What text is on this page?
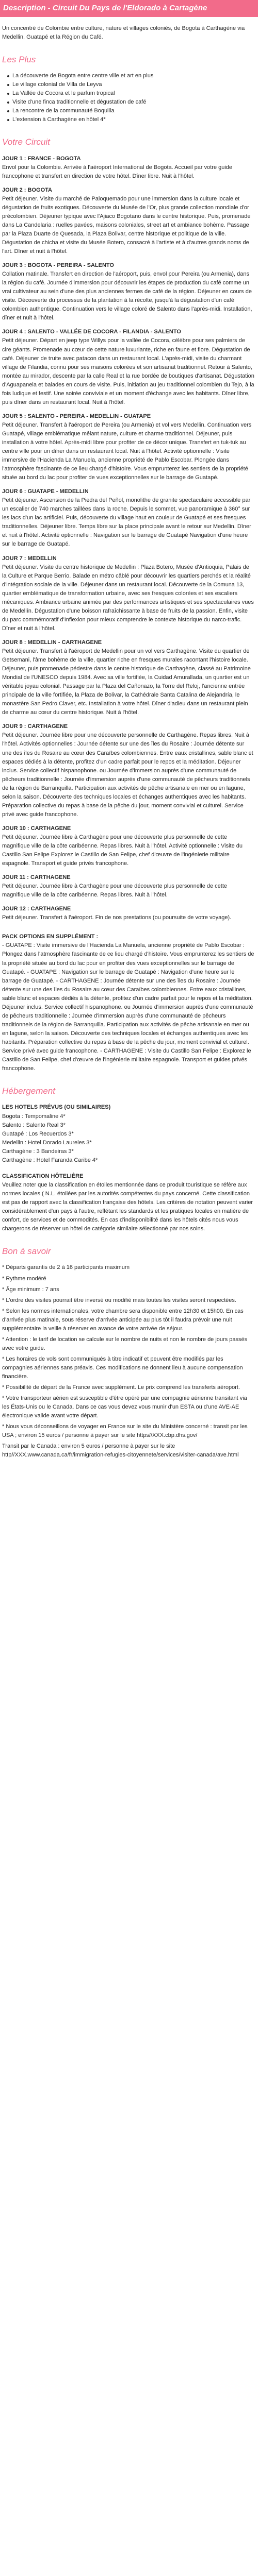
Description - Circuit Du Pays de l'Eldorado à Cartagène

Un concentré de Colombie entre culture, nature et villages coloniés, de Bogota à Carthagène via Medellin, Guatapé et la Région du Café.

Les Plus
La découverte de Bogota entre centre ville et art en plus
Le village colonial de Villa de Leyva
La Vallée de Cocora et le parfum tropical
Visite d'une finca traditionnelle et dégustation de café
La rencontre de la communauté Boquilla
L'extension à Carthagène en hôtel 4*
Votre Circuit

JOUR 1 : FRANCE - BOGOTA

Envol pour la Colombie. Arrivée à l'aéroport International de Bogota. Accueil par votre guide francophone et transfert en direction de votre hôtel. Dîner libre. Nuit à l'hôtel.

JOUR 2 : BOGOTA

Petit déjeuner. Visite du marché de Paloquemado pour une immersion dans la culture locale et dégustation de fruits exotiques. Découverte du Musée de l'Or, plus grande collection mondiale d'or précolombien. Déjeuner typique avec l'Ajiaco Bogotano dans le centre historique. Puis, promenade dans La Candelaria : ruelles pavées, maisons coloniales, street art et ambiance bohème. Passage par la Plaza Duarte de Quesada, la Plaza Bolivar, centre historique et politique de la ville. Dégustation de chicha et visite du Musée Botero, consacré à l'artiste et à d'autres grands noms de l'art. Dîner et nuit à l'hôtel.

JOUR 3 : BOGOTA - PEREIRA - SALENTO

Collation matinale. Transfert en direction de l'aéroport, puis, envol pour Pereira (ou Armenia), dans la région du café. Journée d'immersion pour découvrir les étapes de production du café comme un vrai cultivateur au sein d'une des plus anciennes fermes de café de la région. Déjeuner en cours de visite. Découverte du processus de la plantation à la récolte, jusqu'à la dégustation d'un café colombien authentique. Continuation vers le village coloré de Salento dans l'après-midi. Installation, dîner et nuit à l'hôtel.

JOUR 4 : SALENTO - VALLÉE DE COCORA - FILANDIA - SALENTO

Petit déjeuner. Départ en jeep type Willys pour la vallée de Cocora, célèbre pour ses palmiers de cire géants. Promenade au cœur de cette nature luxuriante, riche en faune et flore. Dégustation de café. Déjeuner de truite avec patacon dans un restaurant local. L'après-midi, visite du charmant village de Filandia, connu pour ses maisons colorées et son artisanat traditionnel. Retour à Salento, montée au mirador, descente par la calle Real et la rue bordée de boutiques d'artisanat. Dégustation d'Aguapanela et balades en cours de visite. Puis, initiation au jeu traditionnel colombien du Tejo, à la fois ludique et festif. Une soirée conviviale et un moment d'échange avec les habitants. Dîner libre, puis dîner dans un restaurant local. Nuit à l'hôtel.

JOUR 5 : SALENTO - PEREIRA - MEDELLIN - GUATAPE

Petit déjeuner. Transfert à l'aéroport de Pereira (ou Armenia) et vol vers Medellin. Continuation vers Guatapé, village emblématique mêlant nature, culture et charme traditionnel. Déjeuner, puis installation à votre hôtel. Après-midi libre pour profiter de ce décor unique. Transfert en tuk-tuk au centre ville pour un dîner dans un restaurant local. Nuit à l'hôtel. Activité optionnelle : Visite immersive de l'Hacienda La Manuela, ancienne propriété de Pablo Escobar. Plongée dans l'atmosphère fascinante de ce lieu chargé d'histoire. Vous emprunterez les sentiers de la propriété située au bord du lac pour profiter de vues exceptionnelles sur le barrage de Guatapé.

JOUR 6 : GUATAPE - MEDELLIN

Petit déjeuner. Ascension de la Piedra del Peñol, monolithe de granite spectaculaire accessible par un escalier de 740 marches taillées dans la roche. Depuis le sommet, vue panoramique à 360° sur les lacs d'un lac artificiel. Puis, découverte du village haut en couleur de Guatapé et ses fresques traditionnelles. Déjeuner libre. Temps libre sur la place principale avant le retour sur Medellin. Dîner et nuit à l'hôtel. Activité optionnelle : Navigation sur le barrage de Guatapé Navigation d'une heure sur le barrage de Guatapé.

JOUR 7 : MEDELLIN

Petit déjeuner. Visite du centre historique de Medellin : Plaza Botero, Musée d'Antioquia, Palais de la Culture et Parque Berrio. Balade en métro câblé pour découvrir les quartiers perchés et la réalité d'intégration sociale de la ville. Déjeuner dans un restaurant local. Découverte de la Comuna 13, quartier emblématique de transformation urbaine, avec ses fresques colorées et ses escaliers mécaniques. Ambiance urbaine animée par des performances artistiques et ses spectaculaires vues de Medellín. Dégustation d'une boisson rafraîchissante à base de fruits de la passion. Enfin, visite du parc commémoratif d'Inflexion pour mieux comprendre le contexte historique du narco-trafic. Dîner et nuit à l'hôtel.

JOUR 8 : MEDELLIN - CARTHAGENE

Petit déjeuner. Transfert à l'aéroport de Medellin pour un vol vers Carthagène. Visite du quartier de Getsemani, l'âme bohème de la ville, quartier riche en fresques murales racontant l'histoire locale. Déjeuner, puis promenade pédestre dans le centre historique de Carthagène, classé au Patrimoine Mondial de l'UNESCO depuis 1984. Avec sa ville fortifiée, la Cuidad Amurallada, un quartier est un véritable joyau colonial. Passage par la Plaza del Cañonazo, la Torre del Reloj, l'ancienne entrée principale de la ville fortifiée, la Plaza de Bolivar, la Cathédrale Santa Catalina de Alejandría, le monastère San Pedro Claver, etc. Installation à votre hôtel. Dîner d'adieu dans un restaurant plein de charme au cœur du centre historique. Nuit à l'hôtel.

JOUR 9 : CARTHAGENE

Petit déjeuner. Journée libre pour une découverte personnelle de Carthagène. Repas libres. Nuit à l'hôtel. Activités optionnelles : Journée détente sur une des îles du Rosaire : Journée détente sur une des îles du Rosaire au cœur des Caraïbes colombiennes. Entre eaux cristallines, sable blanc et espaces dédiés à la détente, profitez d'un cadre parfait pour le repos et la méditation. Déjeuner inclus. Service collectif hispanophone. ou Journée d'immersion auprès d'une communauté de pêcheurs traditionnelle : Journée d'immersion auprès d'une communauté de pêcheurs traditionnels de la région de Barranquilla. Participation aux activités de pêche artisanale en mer ou en lagune, selon la saison. Découverte des techniques locales et échanges authentiques avec les habitants. Préparation collective du repas à base de la pêche du jour, moment convivial et culturel. Service privé avec guide francophone.

JOUR 10 : CARTHAGENE

Petit déjeuner. Journée libre à Carthagène pour une découverte plus personnelle de cette magnifique ville de la côte caribéenne. Repas libres. Nuit à l'hôtel. Activité optionnelle : Visite du Castillo San Felipe Explorez le Castillo de San Felipe, chef d'œuvre de l'ingénierie militaire espagnole. Transport et guide privés francophone.

JOUR 11 : CARTHAGENE

Petit déjeuner. Journée libre à Carthagène pour une découverte plus personnelle de cette magnifique ville de la côte caribéenne. Repas libres. Nuit à l'hôtel.

JOUR 12 : CARTHAGENE

Petit déjeuner. Transfert à l'aéroport. Fin de nos prestations (ou poursuite de votre voyage).

PACK OPTIONS EN SUPPLÉMENT :

- GUATAPE : Visite immersive de l'Hacienda La Manuela, ancienne propriété de Pablo Escobar : Plongez dans l'atmosphère fascinante de ce lieu chargé d'histoire. Vous emprunterez les sentiers de la propriété située au bord du lac pour en profiter des vues exceptionnelles sur le barrage de Guatapé. - GUATAPE : Navigation sur le barrage de Guatapé : Navigation d'une heure sur le barrage de Guatapé. - CARTHAGENE : Journée détente sur une des îles du Rosaire : Journée détente sur une des îles du Rosaire au cœur des Caraïbes colombiennes. Entre eaux cristallines, sable blanc et espaces dédiés à la détente, profitez d'un cadre parfait pour le repos et la méditation. Déjeuner inclus. Service collectif hispanophone. ou Journée d'immersion auprès d'une communauté de pêcheurs traditionnelle : Journée d'immersion auprès d'une communauté de pêcheurs traditionnels de la région de Barranquilla. Participation aux activités de pêche artisanale en mer ou en lagune, selon la saison. Découverte des techniques locales et échanges authentiques avec les habitants. Préparation collective du repas à base de la pêche du jour, moment convivial et culturel. Service privé avec guide francophone. - CARTHAGENE : Visite du Castillo San Felipe : Explorez le Castillo de San Felipe, chef d'œuvre de l'ingénierie militaire espagnole. Transport et guides privés francophone.

Hébergement

LES HOTELS PRÉVUS (OU SIMILAIRES)

Bogota : Tempomaline 4*

Salento : Salento Real 3*

Guatapé : Los Recuerdos 3*

Medellin : Hotel Dorado Laureles 3*

Carthagène : 3 Bandeiras 3*

Carthagène : Hotel Faranda Caribe 4*

CLASSIFICATION HÔTELIÈRE

Veuillez noter que la classification en étoiles mentionnée dans ce produit touristique se réfère aux normes locales ( N.L. étoilées par les autorités compétentes du pays concerné. Cette classification est pas de rapport avec la classification française des hôtels. Les critères de notation peuvent varier considérablement d'un pays à l'autre, reflétant les standards et les pratiques locales en matière de confort, de services et de commodités. En cas d'indisponibilité dans les hôtels cités nous vous chargerons de réserver un hôtel de catégorie similaire sélectionné par nos soins.

Bon à savoir

* Départs garantis de 2 à 16 participants maximum

* Rythme modéré

* Âge minimum : 7 ans

* L'ordre des visites pourrait être inversé ou modifié mais toutes les visites seront respectées.

* Selon les normes internationales, votre chambre sera disponible entre 12h30 et 15h00. En cas d'arrivée plus matinale, sous réserve d'arrivée anticipée au plus tôt il faudra prévoir une nuit supplémentaire la veille à réserver en avance de votre arrivée de séjour.

* Attention : le tarif de location se calcule sur le nombre de nuits et non le nombre de jours passés avec votre guide.

* Les horaires de vols sont communiqués à titre indicatif et peuvent être modifiés par les compagnies aériennes sans préavis. Ces modifications ne donnent lieu à aucune compensation financière.

* Possibilité de départ de la France avec supplément. Le prix comprend les transferts aéroport.

* Votre transporteur aérien est susceptible d'être opéré par une compagnie aérienne transitant via les États-Unis ou le Canada. Dans ce cas vous devez vous munir d'un ESTA ou d'une AVE-AE électronique valide avant votre départ.

* Nous vous déconseillons de voyager en France sur le site du Ministère concerné : transit par les USA ; environ 15 euros / personne à payer sur le site https//XXX.cbp.dhs.gov/

Transit par le Canada : environ 5 euros / personne à payer sur le site http//XXX.www.canada.ca/fr/immigration-refugies-citoyennete/services/visiter-canada/ave.html
